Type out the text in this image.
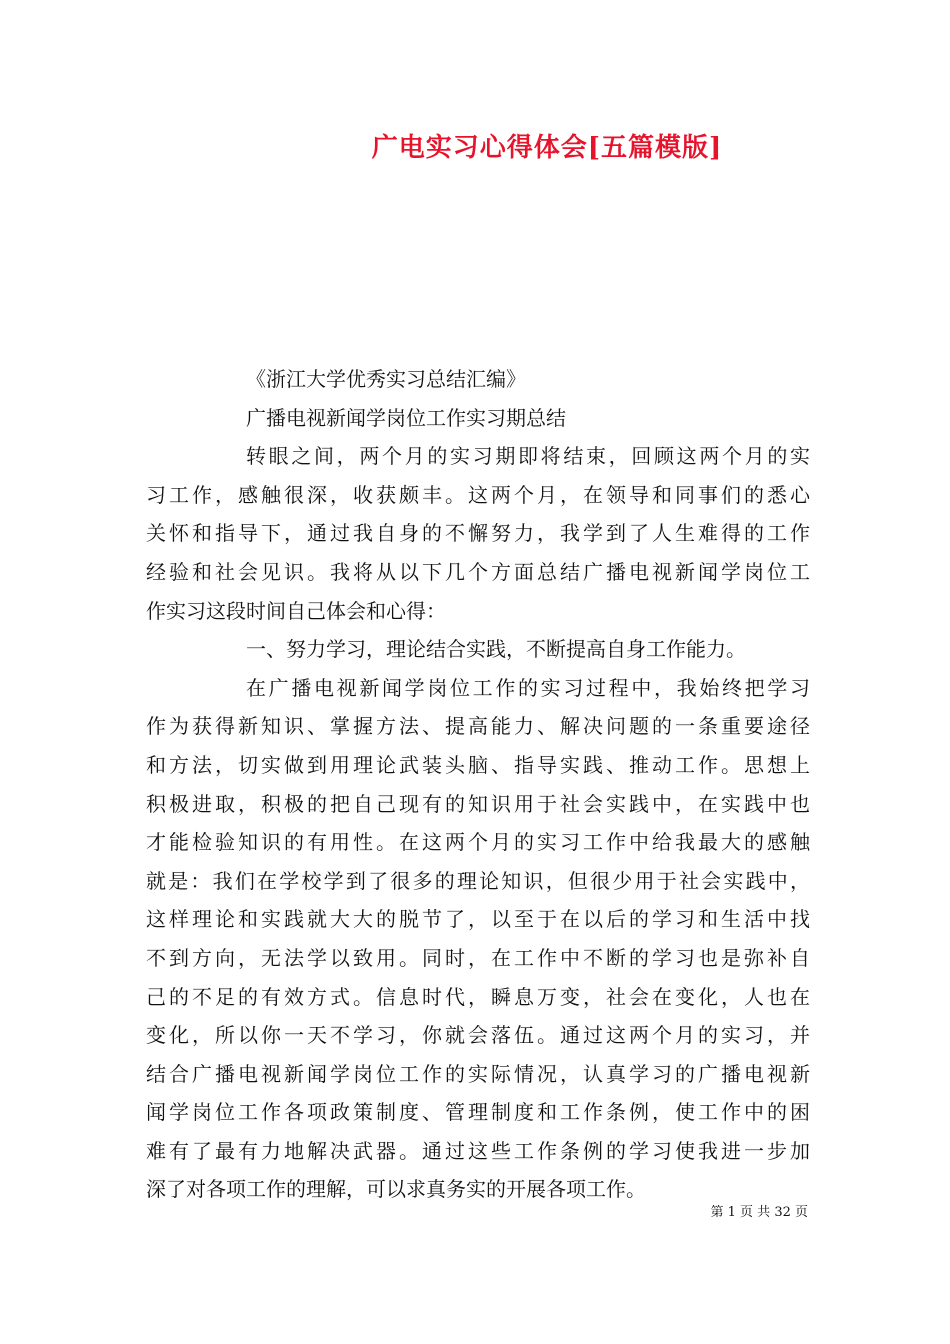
广电实习心得体会[五篇模版]

《浙江大学优秀实习总结汇编》

广播电视新闻学岗位工作实习期总结

转眼之间，两个月的实习期即将结束，回顾这两个月的实
习工作，感触很深，收获颇丰。这两个月，在领导和同事们的悉心
关怀和指导下，通过我自身的不懈努力，我学到了人生难得的工作
经验和社会见识。我将从以下几个方面总结广播电视新闻学岗位工
作实习这段时间自己体会和心得：

一、努力学习，理论结合实践，不断提高自身工作能力。

在广播电视新闻学岗位工作的实习过程中，我始终把学习
作为获得新知识、掌握方法、提高能力、解决问题的一条重要途径
和方法，切实做到用理论武装头脑、指导实践、推动工作。思想上
积极进取，积极的把自己现有的知识用于社会实践中，在实践中也
才能检验知识的有用性。在这两个月的实习工作中给我最大的感触
就是：我们在学校学到了很多的理论知识，但很少用于社会实践中，
这样理论和实践就大大的脱节了，以至于在以后的学习和生活中找
不到方向，无法学以致用。同时，在工作中不断的学习也是弥补自
己的不足的有效方式。信息时代，瞬息万变，社会在变化，人也在
变化，所以你一天不学习，你就会落伍。通过这两个月的实习，并
结合广播电视新闻学岗位工作的实际情况，认真学习的广播电视新
闻学岗位工作各项政策制度、管理制度和工作条例，使工作中的困
难有了最有力地解决武器。通过这些工作条例的学习使我进一步加
深了对各项工作的理解，可以求真务实的开展各项工作。

第 1 页 共 32 页
